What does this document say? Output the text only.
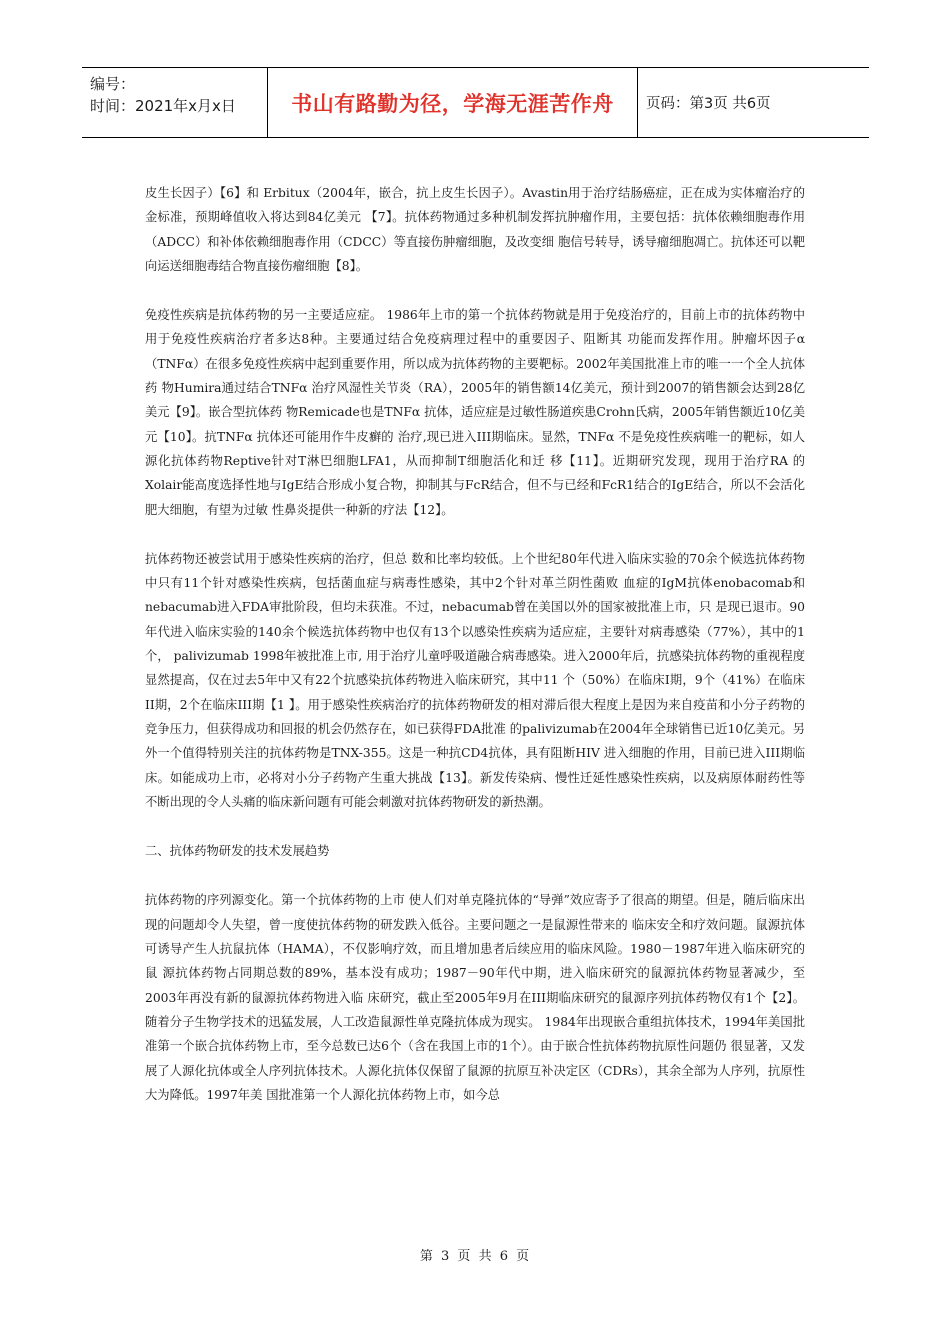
编号：
时间：2021年x月x日	书山有路勤为径，学海无涯苦作舟	页码：第3页 共6页

皮生长因子）【6】和 Erbitux（2004年，嵌合，抗上皮生长因子）。Avastin用于治疗结肠癌症，正在成为实体瘤治疗的金标准，预期峰值收入将达到84亿美元 【7】。抗体药物通过多种机制发挥抗肿瘤作用，主要包括：抗体依赖细胞毒作用（ADCC）和补体依赖细胞毒作用（CDCC）等直接伤肿瘤细胞，及改变细 胞信号转导，诱导瘤细胞凋亡。抗体还可以靶向运送细胞毒结合物直接伤瘤细胞【8】。

免疫性疾病是抗体药物的另一主要适应症。 1986年上市的第一个抗体药物就是用于免疫治疗的，目前上市的抗体药物中用于免疫性疾病治疗者多达8种。主要通过结合免疫病理过程中的重要因子、阻断其 功能而发挥作用。肿瘤坏因子α（TNFα）在很多免疫性疾病中起到重要作用，所以成为抗体药物的主要靶标。2002年美国批准上市的唯一一个全人抗体药 物Humira通过结合TNFα 治疗风湿性关节炎（RA），2005年的销售额14亿美元，预计到2007的销售额会达到28亿美元【9】。嵌合型抗体药 物Remicade也是TNFα 抗体，适应症是过敏性肠道疾患Crohn氏病，2005年销售额近10亿美元【10】。抗TNFα 抗体还可能用作牛皮癣的 治疗,现已进入III期临床。显然，TNFα 不是免疫性疾病唯一的靶标，如人源化抗体药物Reptive针对T淋巴细胞LFA1，从而抑制T细胞活化和迁 移【11】。近期研究发现，现用于治疗RA 的Xolair能高度选择性地与IgE结合形成小复合物，抑制其与FcR结合，但不与已经和FcR1结合的IgE结合，所以不会活化肥大细胞，有望为过敏 性鼻炎提供一种新的疗法【12】。

抗体药物还被尝试用于感染性疾病的治疗，但总 数和比率均较低。上个世纪80年代进入临床实验的70余个候选抗体药物中只有11个针对感染性疾病，包括菌血症与病毒性感染，其中2个针对革兰阴性菌败 血症的IgM抗体enobacomab和nebacumab进入FDA审批阶段，但均未获准。不过，nebacumab曾在美国以外的国家被批准上市，只 是现已退市。90年代进入临床实验的140余个候选抗体药物中也仅有13个以感染性疾病为适应症，主要针对病毒感染（77%），其中的1个， palivizumab 1998年被批准上市, 用于治疗儿童呼吸道融合病毒感染。进入2000年后，抗感染抗体药物的重视程度显然提高，仅在过去5年中又有22个抗感染抗体药物进入临床研究，其中11 个（50%）在临床I期，9个（41%）在临床II期，2个在临床III期【1 】。用于感染性疾病治疗的抗体药物研发的相对滞后很大程度上是因为来自疫苗和小分子药物的竞争压力，但获得成功和回报的机会仍然存在，如已获得FDA批准 的palivizumab在2004年全球销售已近10亿美元。另外一个值得特别关注的抗体药物是TNX-355。这是一种抗CD4抗体，具有阻断HIV 进入细胞的作用，目前已进入III期临床。如能成功上市，必将对小分子药物产生重大挑战【13】。新发传染病、慢性迁延性感染性疾病，以及病原体耐药性等 不断出现的令人头痛的临床新问题有可能会刺激对抗体药物研发的新热潮。

二、抗体药物研发的技术发展趋势

抗体药物的序列源变化。第一个抗体药物的上市 使人们对单克隆抗体的“导弹”效应寄予了很高的期望。但是，随后临床出现的问题却令人失望，曾一度使抗体药物的研发跌入低谷。主要问题之一是鼠源性带来的 临床安全和疗效问题。鼠源抗体可诱导产生人抗鼠抗体（HAMA），不仅影响疗效，而且增加患者后续应用的临床风险。1980－1987年进入临床研究的鼠 源抗体药物占同期总数的89%，基本没有成功；1987－90年代中期，进入临床研究的鼠源抗体药物显著减少，至2003年再没有新的鼠源抗体药物进入临 床研究，截止至2005年9月在III期临床研究的鼠源序列抗体药物仅有1个【2】。随着分子生物学技术的迅猛发展，人工改造鼠源性单克隆抗体成为现实。 1984年出现嵌合重组抗体技术，1994年美国批准第一个嵌合抗体药物上市，至今总数已达6个（含在我国上市的1个）。由于嵌合性抗体药物抗原性问题仍 很显著，又发展了人源化抗体或全人序列抗体技术。人源化抗体仅保留了鼠源的抗原互补决定区（CDRs），其余全部为人序列，抗原性大为降低。1997年美 国批准第一个人源化抗体药物上市，如今总

第 3 页 共 6 页
